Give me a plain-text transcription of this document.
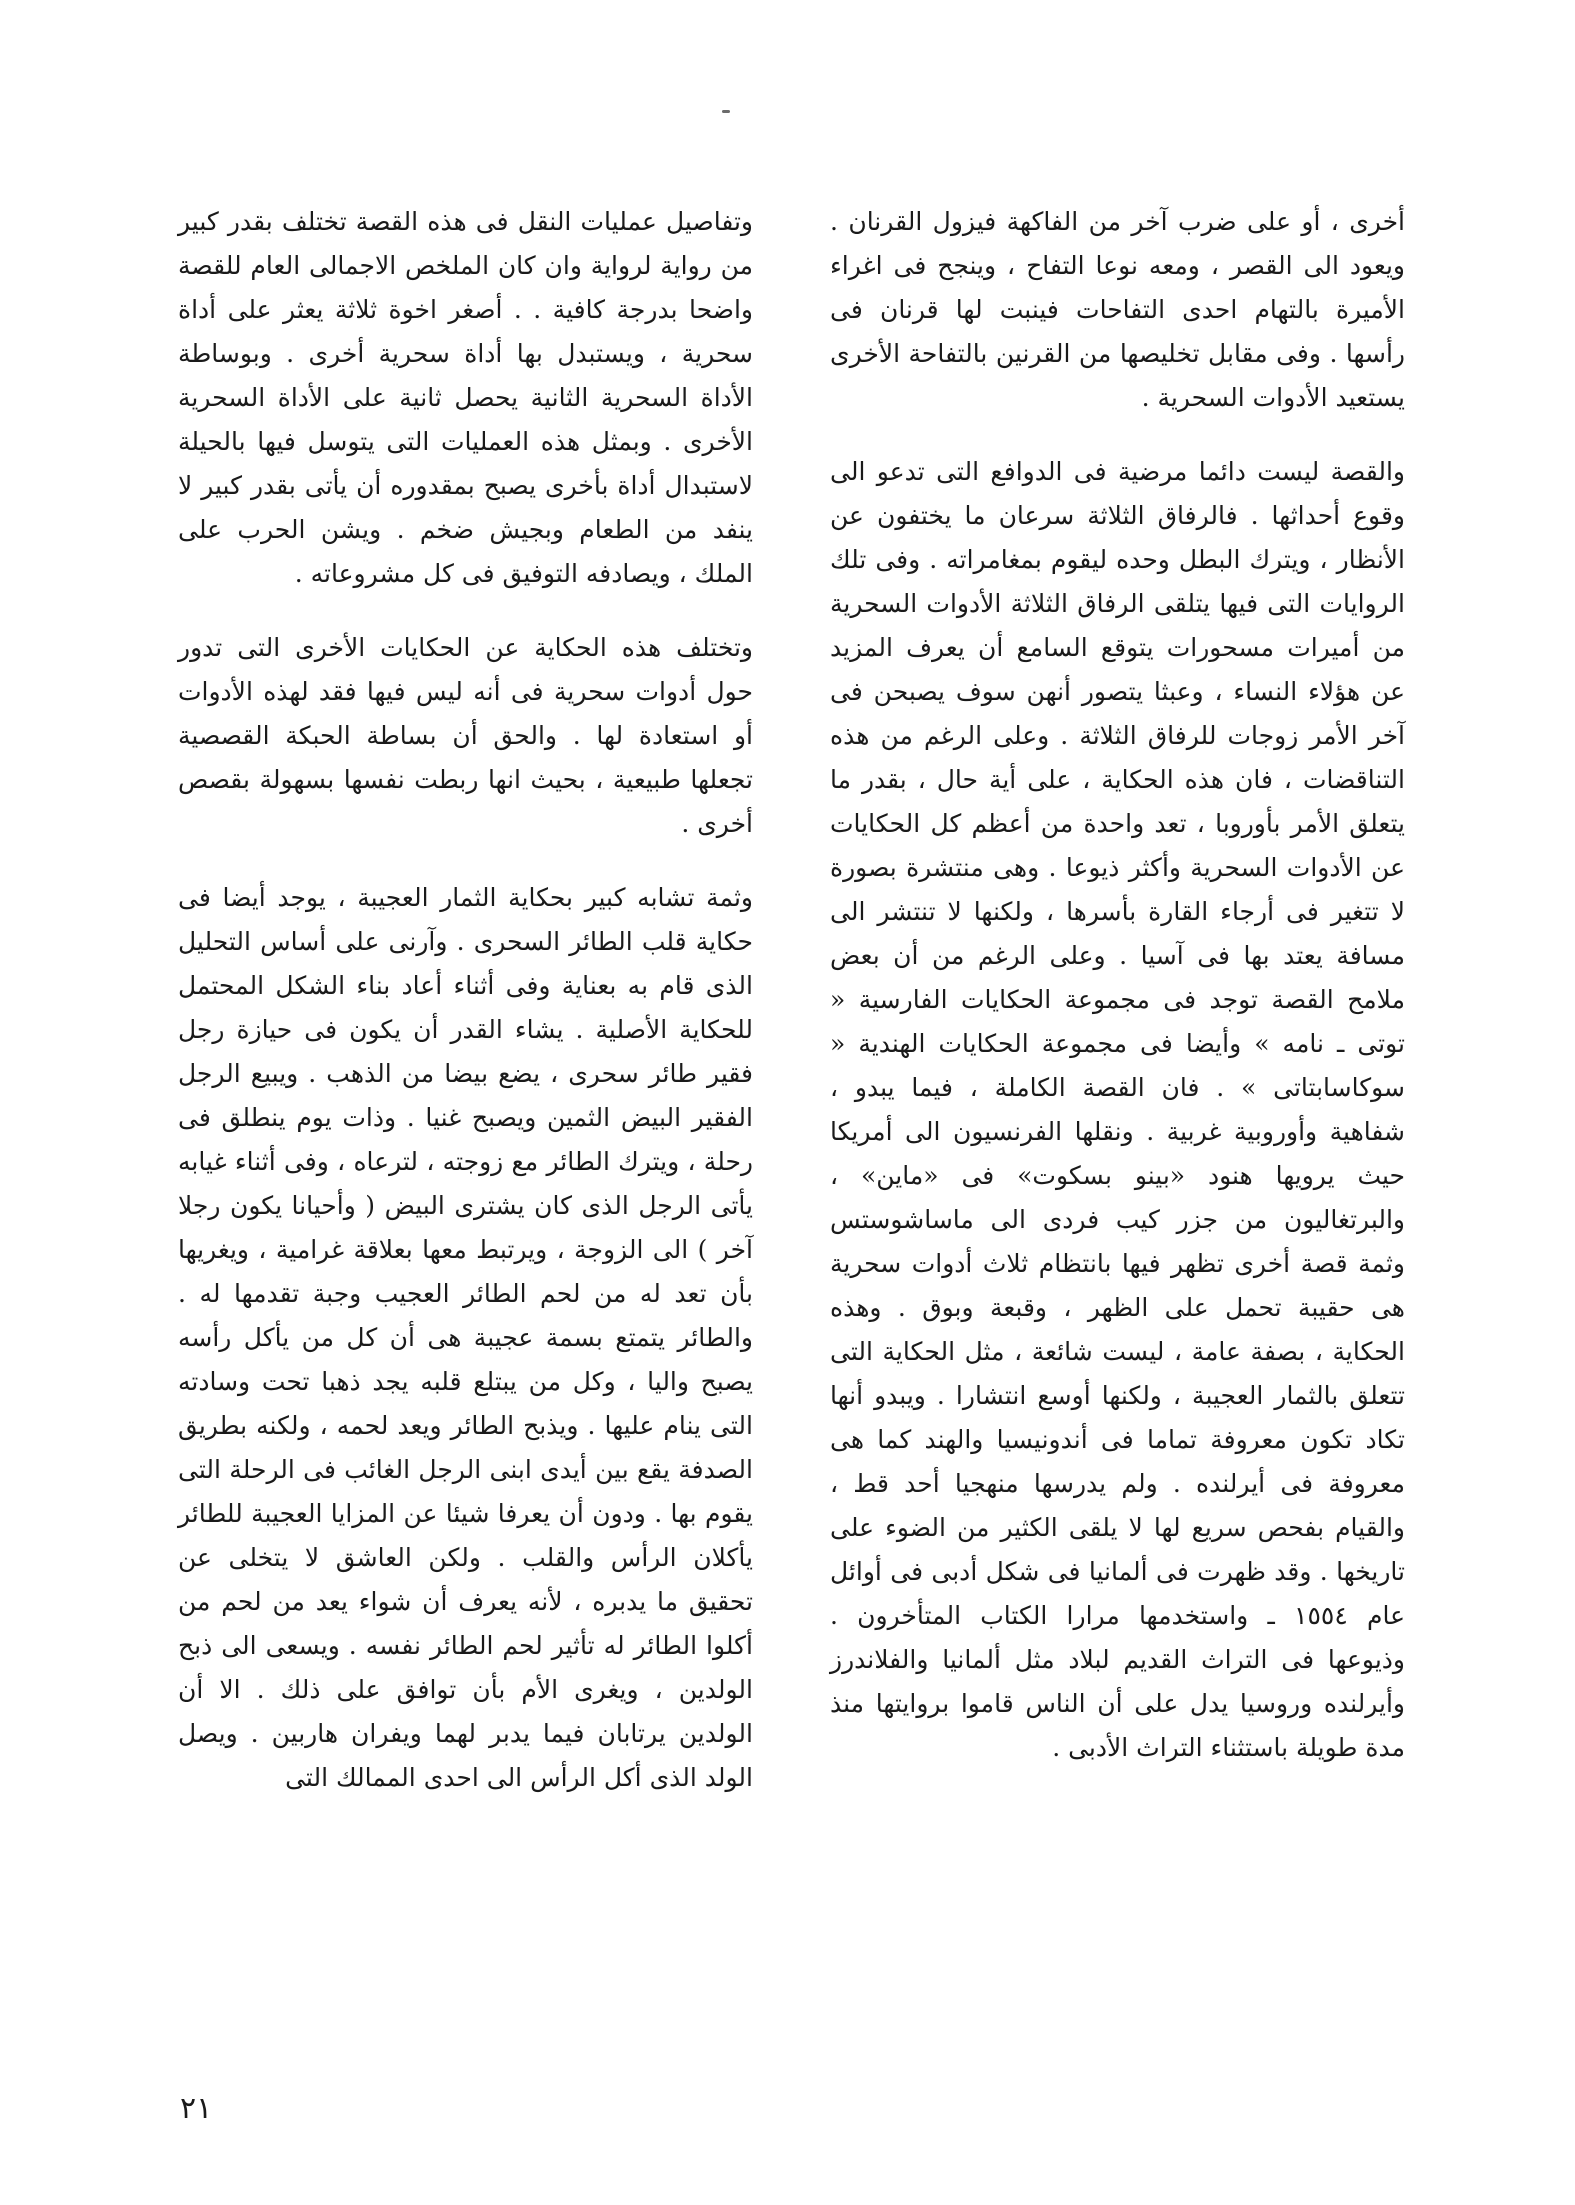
أخرى ، أو على ضرب آخر من الفاكهة فيزول القرنان . ويعود الى القصر ، ومعه نوعا التفاح ، وينجح فى اغراء الأميرة بالتهام احدى التفاحات فينبت لها قرنان فى رأسها . وفى مقابل تخليصها من القرنين بالتفاحة الأخرى يستعيد الأدوات السحرية .

والقصة ليست دائما مرضية فى الدوافع التى تدعو الى وقوع أحداثها . فالرفاق الثلاثة سرعان ما يختفون عن الأنظار ، ويترك البطل وحده ليقوم بمغامراته . وفى تلك الروايات التى فيها يتلقى الرفاق الثلاثة الأدوات السحرية من أميرات مسحورات يتوقع السامع أن يعرف المزيد عن هؤلاء النساء ، وعبثا يتصور أنهن سوف يصبحن فى آخر الأمر زوجات للرفاق الثلاثة . وعلى الرغم من هذه التناقضات ، فان هذه الحكاية ، على أية حال ، بقدر ما يتعلق الأمر بأوروبا ، تعد واحدة من أعظم كل الحكايات عن الأدوات السحرية وأكثر ذيوعا . وهى منتشرة بصورة لا تتغير فى أرجاء القارة بأسرها ، ولكنها لا تنتشر الى مسافة يعتد بها فى آسيا . وعلى الرغم من أن بعض ملامح القصة توجد فى مجموعة الحكايات الفارسية « توتى ـ نامه » وأيضا فى مجموعة الحكايات الهندية « سوكاسابتاتى » . فان القصة الكاملة ، فيما يبدو ، شفاهية وأوروبية غربية . ونقلها الفرنسيون الى أمريكا حيث يرويها هنود «بينو بسكوت» فى «ماين» ، والبرتغاليون من جزر كيب فردى الى ماساشوستس وثمة قصة أخرى تظهر فيها بانتظام ثلاث أدوات سحرية هى حقيبة تحمل على الظهر ، وقبعة وبوق . وهذه الحكاية ، بصفة عامة ، ليست شائعة ، مثل الحكاية التى تتعلق بالثمار العجيبة ، ولكنها أوسع انتشارا . ويبدو أنها تكاد تكون معروفة تماما فى أندونيسيا والهند كما هى معروفة فى أيرلنده . ولم يدرسها منهجيا أحد قط ، والقيام بفحص سريع لها لا يلقى الكثير من الضوء على تاريخها . وقد ظهرت فى ألمانيا فى شكل أدبى فى أوائل عام ١٥٥٤ ـ واستخدمها مرارا الكتاب المتأخرون . وذيوعها فى التراث القديم لبلاد مثل ألمانيا والفلاندرز وأيرلنده وروسيا يدل على أن الناس قاموا بروايتها منذ مدة طويلة باستثناء التراث الأدبى .

وتفاصيل عمليات النقل فى هذه القصة تختلف بقدر كبير من رواية لرواية وان كان الملخص الاجمالى العام للقصة واضحا بدرجة كافية . . أصغر اخوة ثلاثة يعثر على أداة سحرية ، ويستبدل بها أداة سحرية أخرى . وبوساطة الأداة السحرية الثانية يحصل ثانية على الأداة السحرية الأخرى . وبمثل هذه العمليات التى يتوسل فيها بالحيلة لاستبدال أداة بأخرى يصبح بمقدوره أن يأتى بقدر كبير لا ينفد من الطعام وبجيش ضخم . ويشن الحرب على الملك ، ويصادفه التوفيق فى كل مشروعاته .

وتختلف هذه الحكاية عن الحكايات الأخرى التى تدور حول أدوات سحرية فى أنه ليس فيها فقد لهذه الأدوات أو استعادة لها . والحق أن بساطة الحبكة القصصية تجعلها طبيعية ، بحيث انها ربطت نفسها بسهولة بقصص أخرى .

وثمة تشابه كبير بحكاية الثمار العجيبة ، يوجد أيضا فى حكاية قلب الطائر السحرى . وآرنى على أساس التحليل الذى قام به بعناية وفى أثناء أعاد بناء الشكل المحتمل للحكاية الأصلية . يشاء القدر أن يكون فى حيازة رجل فقير طائر سحرى ، يضع بيضا من الذهب . ويبيع الرجل الفقير البيض الثمين ويصبح غنيا . وذات يوم ينطلق فى رحلة ، ويترك الطائر مع زوجته ، لترعاه ، وفى أثناء غيابه يأتى الرجل الذى كان يشترى البيض ( وأحيانا يكون رجلا آخر ) الى الزوجة ، ويرتبط معها بعلاقة غرامية ، ويغريها بأن تعد له من لحم الطائر العجيب وجبة تقدمها له . والطائر يتمتع بسمة عجيبة هى أن كل من يأكل رأسه يصبح واليا ، وكل من يبتلع قلبه يجد ذهبا تحت وسادته التى ينام عليها . ويذبح الطائر ويعد لحمه ، ولكنه بطريق الصدفة يقع بين أيدى ابنى الرجل الغائب فى الرحلة التى يقوم بها . ودون أن يعرفا شيئا عن المزايا العجيبة للطائر يأكلان الرأس والقلب . ولكن العاشق لا يتخلى عن تحقيق ما يدبره ، لأنه يعرف أن شواء يعد من لحم من أكلوا الطائر له تأثير لحم الطائر نفسه . ويسعى الى ذبح الولدين ، ويغرى الأم بأن توافق على ذلك . الا أن الولدين يرتابان فيما يدبر لهما ويفران هاربين . ويصل الولد الذى أكل الرأس الى احدى الممالك التى

٢١
